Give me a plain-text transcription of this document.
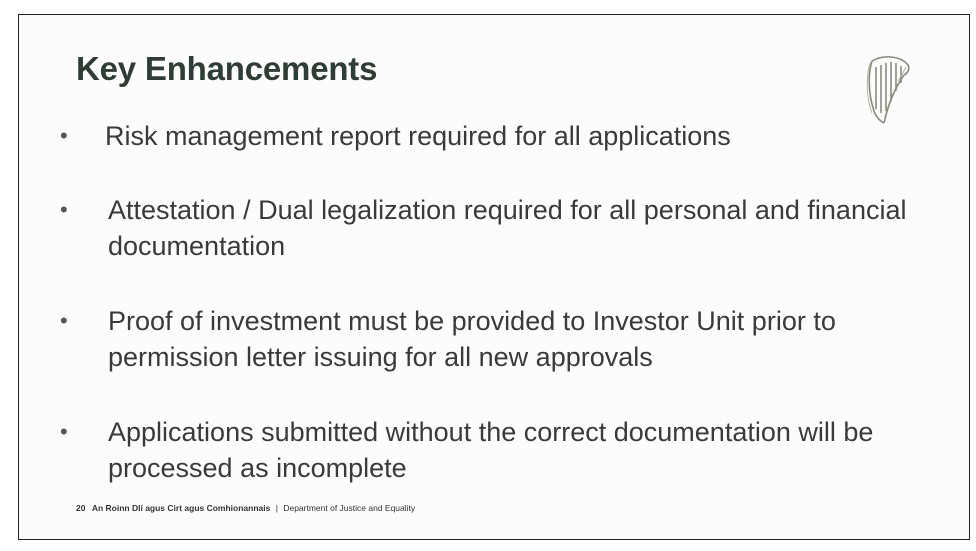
Key Enhancements
• Risk management report required for all applications
• Attestation / Dual legalization required for all personal and financial documentation
• Proof of investment must be provided to Investor Unit prior to permission letter issuing for all new approvals
• Applications submitted without the correct documentation will be processed as incomplete
20 An Roinn Dlí agus Cirt agus Comhionannais | Department of Justice and Equality
